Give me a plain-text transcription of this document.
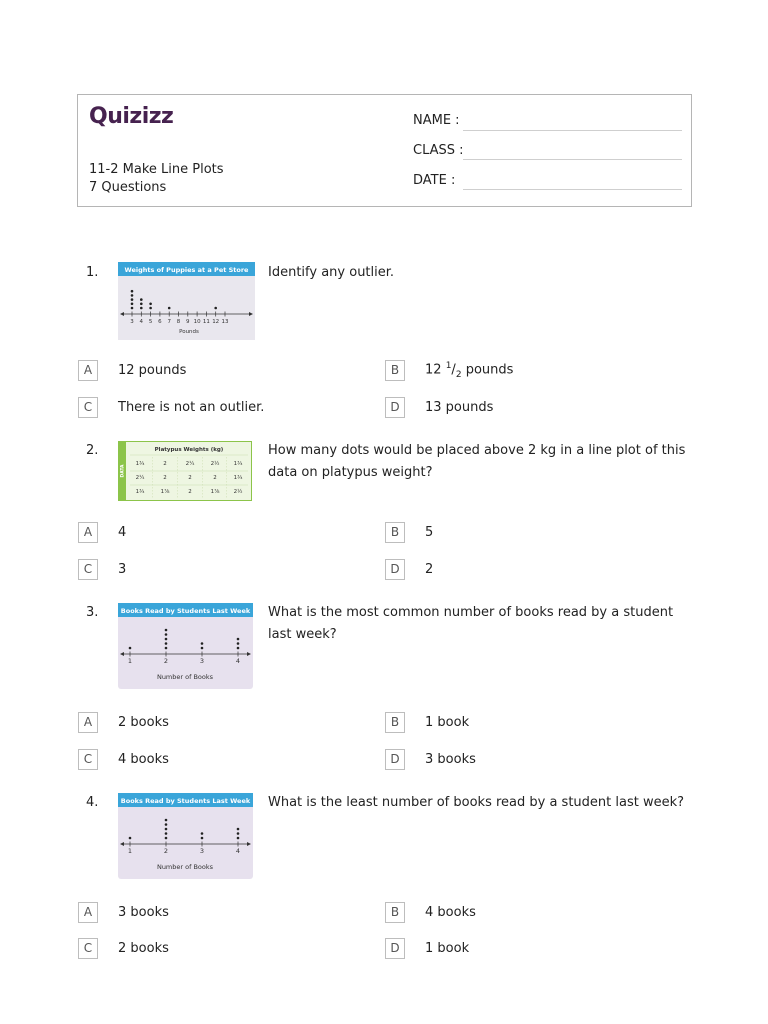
Quizizz
11-2 Make Line Plots
7 Questions
NAME :
CLASS :
DATE :
1.	Identify any outlier.
Weights of Puppies at a Pet Store
3 4 5 6 7 8 9 10 11 12 13
Pounds
A	12 pounds	B	12 $^1/_2$ pounds
C	There is not an outlier.	D	13 pounds
2.	How many dots would be placed above 2 kg in a line plot of this data on platypus weight?
DATA
Platypus Weights (kg)
1¾	2	2¼	2½	1¾
2¼	2	2	2	1¾
1¾	1⅞	2	1⅞	2½
A	4	B	5
C	3	D	2
3.	What is the most common number of books read by a student last week?
Books Read by Students Last Week
1	2	3	4
Number of Books
A	2 books	B	1 book
C	4 books	D	3 books
4.	What is the least number of books read by a student last week?
Books Read by Students Last Week
1	2	3	4
Number of Books
A	3 books	B	4 books
C	2 books	D	1 book
